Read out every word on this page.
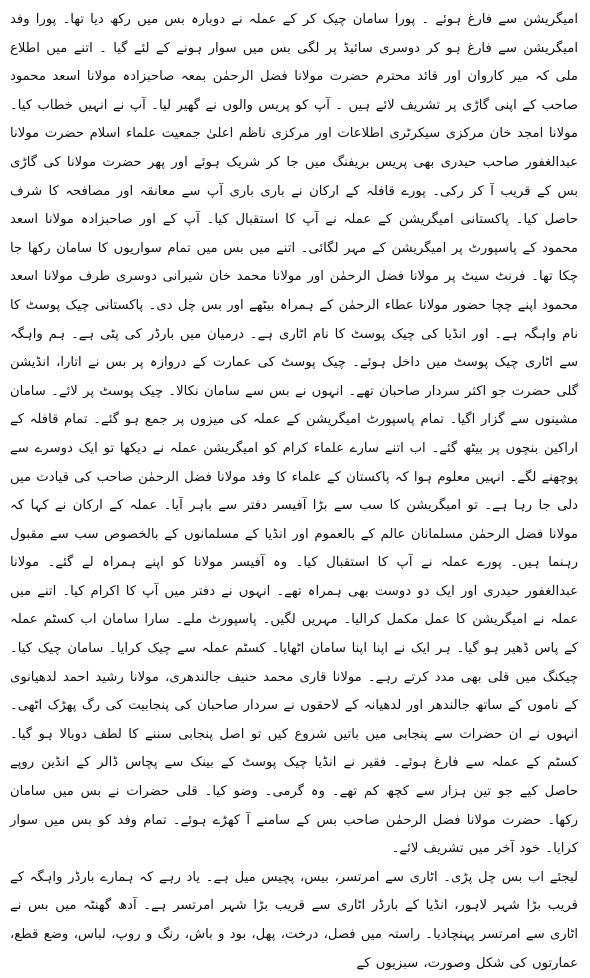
امیگریشن سے فارغ ہوئے ۔ پورا سامان چیک کر کے عملہ نے دوبارہ بس میں رکھ دیا تھا۔ پورا وفد امیگریشن سے فارغ ہو کر دوسری سائیڈ پر لگی بس میں سوار ہونے کے لئے گیا ۔ اتنے میں اطلاع ملی کہ میر کاروان اور قائد محترم حضرت مولانا فضل الرحمٰن بمعہ صاحبزادہ مولانا اسعد محمود صاحب کے اپنی گاڑی پر تشریف لائے ہیں ۔ آپ کو پریس والوں نے گھیر لیا۔ آپ نے انہیں خطاب کیا۔ مولانا امجد خان مرکزی سیکرٹری اطلاعات اور مرکزی ناظم اعلیٰ جمعیت علماء اسلام حضرت مولانا عبدالغفور صاحب حیدری بھی پریس بریفنگ میں جا کر شریک ہوئے اور پھر حضرت مولانا کی گاڑی بس کے قریب آ کر رکی۔ پورے قافلہ کے ارکان نے باری باری آپ سے معانقہ اور مصافحہ کا شرف حاصل کیا۔ پاکستانی امیگریشن کے عملہ نے آپ کا استقبال کیا۔ آپ کے اور صاحبزادہ مولانا اسعد محمود کے پاسپورٹ پر امیگریشن کے مہر لگائی۔ اتنے میں بس میں تمام سواریوں کا سامان رکھا جا چکا تھا۔ فرنٹ سیٹ پر مولانا فضل الرحمٰن اور مولانا محمد خان شیرانی دوسری طرف مولانا اسعد محمود اپنے چچا حضور مولانا عطاء الرحمٰن کے ہمراہ بیٹھے اور بس چل دی۔ پاکستانی چیک پوسٹ کا نام واہگہ ہے۔ اور انڈیا کی چیک پوسٹ کا نام اٹاری ہے۔ درمیان میں بارڈر کی پٹی ہے۔ ہم واہگہ سے اٹاری چیک پوسٹ میں داخل ہوئے۔ چیک پوسٹ کی عمارت کے دروازہ پر بس نے اتارا، انڈیشن گلی حضرت جو اکثر سردار صاحبان تھے۔ انہوں نے بس سے سامان نکالا۔ چیک پوسٹ پر لائے۔ سامان مشینوں سے گزار اگیا۔ تمام پاسپورٹ امیگریشن کے عملہ کی میزوں پر جمع ہو گئے۔ تمام قافلہ کے اراکین بنچوں پر بیٹھ گئے۔ اب اتنے سارے علماء کرام کو امیگریشن عملہ نے دیکھا تو ایک دوسرے سے پوچھنے لگے۔ انہیں معلوم ہوا کہ پاکستان کے علماء کا وفد مولانا فضل الرحمٰن صاحب کی قیادت میں دلی جا رہا ہے۔ تو امیگریشن کا سب سے بڑا آفیسر دفتر سے باہر آیا۔ عملہ کے ارکان نے کہا کہ مولانا فضل الرحمٰن مسلمانان عالم کے بالعموم اور انڈیا کے مسلمانوں کے بالخصوص سب سے مقبول رہنما ہیں۔ پورے عملہ نے آپ کا استقبال کیا۔ وہ آفیسر مولانا کو اپنے ہمراہ لے گئے۔ مولانا عبدالغفور حیدری اور ایک دو دوست بھی ہمراہ تھے۔ انہوں نے دفتر میں آپ کا اکرام کیا۔ اتنے میں عملہ نے امیگریشن کا عمل مکمل کرالیا۔ مہریں لگیں۔ پاسپورٹ ملے۔ سارا سامان اب کسٹم عملہ کے پاس ڈھیر ہو گیا۔ ہر ایک نے اپنا اپنا سامان اٹھایا۔ کسٹم عملہ سے چیک کرایا۔ سامان چیک کیا۔ چیکنگ میں قلی بھی مدد کرتے رہے۔ مولانا قاری محمد حنیف جالندھری، مولانا رشید احمد لدھیانوی کے ناموں کے ساتھ جالندھر اور لدھیانہ کے لاحقوں نے سردار صاحبان کی پنجابیت کی رگ پھڑک اٹھی۔ انہوں نے ان حضرات سے پنجابی میں باتیں شروع کیں تو اصل پنجابی سننے کا لطف دوبالا ہو گیا۔ کسٹم کے عملہ سے فارغ ہوئے۔ فقیر نے انڈیا چیک پوسٹ کے بینک سے پچاس ڈالر کے انڈین روپے حاصل کیے جو تین ہزار سے کچھ کم تھے۔ وہ گرمی۔ وضو کیا۔ قلی حضرات نے بس میں سامان رکھا۔ حضرت مولانا فضل الرحمٰن صاحب بس کے سامنے آ کھڑے ہوئے۔ تمام وفد کو بس میں سوار کرایا۔ خود آخر میں تشریف لائے۔
لیجئے اب بس چل پڑی۔ اٹاری سے امرتسر، بیس، پچیس میل ہے۔ یاد رہے کہ ہمارے بارڈر واہگہ کے قریب بڑا شہر لاہور، انڈیا کے بارڈر اٹاری سے قریب بڑا شہر امرتسر ہے۔ آدھ گھنٹہ میں بس نے اٹاری سے امرتسر پہنچادیا۔ راستہ میں فصل، درخت، پھل، بود و باش، رنگ و روپ، لباس، وضع قطع، عمارتوں کی شکل وصورت، سبزیوں کے
